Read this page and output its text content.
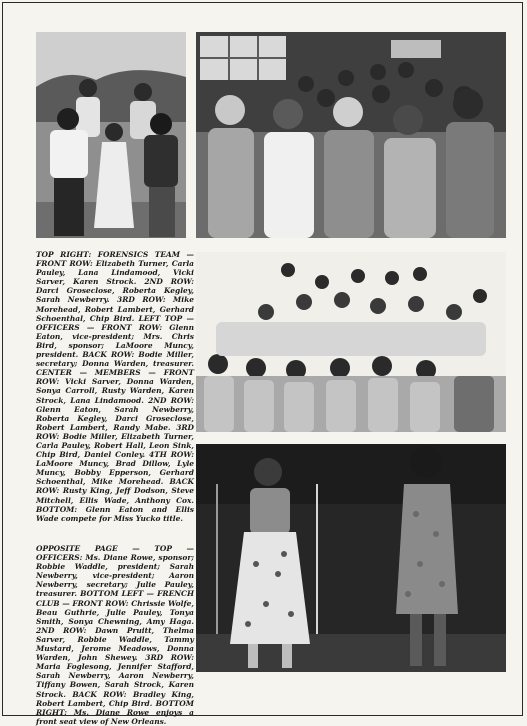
TOP RIGHT: FORENSICS TEAM — FRONT ROW: Elizabeth Turner, Carla Pauley, Lana Lindamood, Vicki Sarver, Karen Strock. 2ND ROW: Darci Groseclose, Roberta Kegley, Sarah Newberry. 3RD ROW: Mike Morehead, Robert Lambert, Gerhard Schoenthal, Chip Bird. LEFT TOP — OFFICERS — FRONT ROW: Glenn Eaton, vice-president; Mrs. Chris Bird, sponsor; LaMoore Muncy, president. BACK ROW: Bodie Miller, secretary; Donna Warden, treasurer. CENTER — MEMBERS — FRONT ROW: Vicki Sarver, Donna Warden, Sonya Carroll, Rusty Warden, Karen Strock, Lana Lindamood. 2ND ROW: Glenn Eaton, Sarah Newberry, Roberta Kegley, Darci Groseclose, Robert Lambert, Randy Mabe. 3RD ROW: Bodie Miller, Elizabeth Turner, Carla Pauley, Robert Hall, Leon Sink, Chip Bird, Daniel Conley. 4TH ROW: LaMoore Muncy, Brad Dillow, Lyle Muncy, Bobby Epperson, Gerhard Schoenthal, Mike Morehead. BACK ROW: Rusty King, Jeff Dodson, Steve Mitchell, Ellis Wade, Anthony Cox. BOTTOM: Glenn Eaton and Ellis Wade compete for Miss Yucko title.

OPPOSITE PAGE — TOP — OFFICERS: Ms. Diane Rowe, sponsor; Robbie Waddle, president; Sarah Newberry, vice-president; Aaron Newberry, secretary; Julie Pauley, treasurer. BOTTOM LEFT — FRENCH CLUB — FRONT ROW: Chrissie Wolfe, Beau Guthrie, Julie Pauley, Tonya Smith, Sonya Chewning, Amy Haga. 2ND ROW: Dawn Pruitt, Thelma Sarver, Robbie Waddle, Tammy Mustard, Jerome Meadows, Donna Warden, John Shewey. 3RD ROW: Maria Foglesong, Jennifer Stafford, Sarah Newberry, Aaron Newberry, Tiffany Bowen, Sarah Strock, Karen Strock. BACK ROW: Bradley King, Robert Lambert, Chip Bird. BOTTOM RIGHT: Ms. Diane Rowe enjoys a front seat view of New Orleans.
